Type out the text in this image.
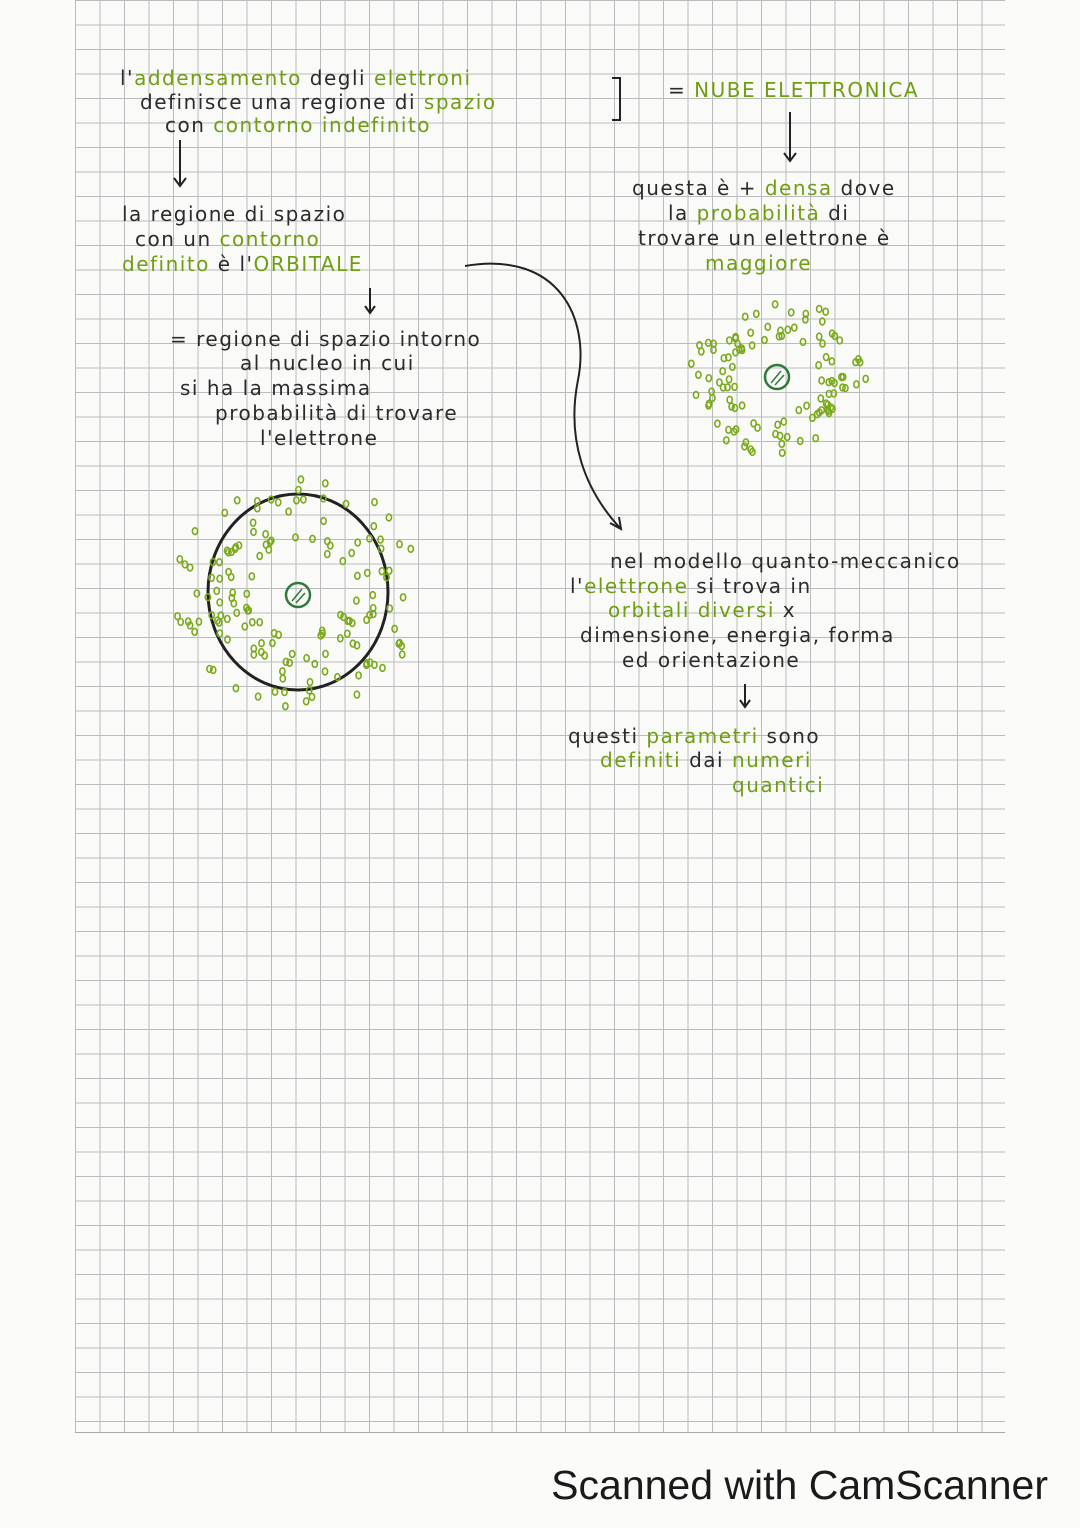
l'addensamento degli elettroni
definisce una regione di spazio
con contorno indefinito
= NUBE ELETTRONICA
la regione di spazio
con un contorno
definito è l'ORBITALE
questa è + densa dove
la probabilità di
trovare un elettrone è
maggiore
= regione di spazio intorno
al nucleo in cui
si ha la massima
probabilità di trovare
l'elettrone
nel modello quanto-meccanico
l'elettrone si trova in
orbitali diversi x
dimensione, energia, forma
ed orientazione
questi parametri sono
definiti dai numeri
quantici
Scanned with CamScanner
